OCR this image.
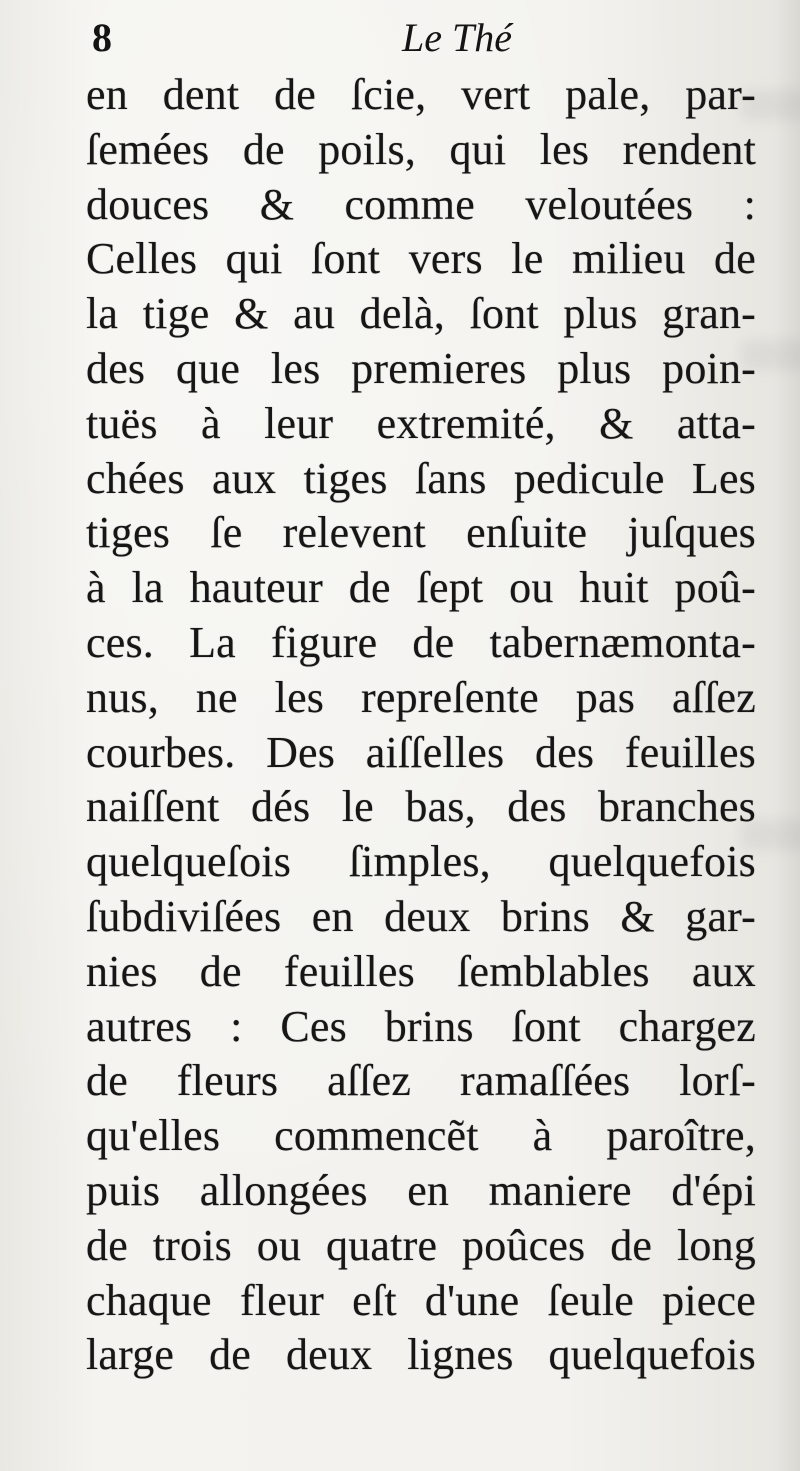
8	Le Thé
en dent de ſcie, vert pale, par-
ſemées de poils, qui les rendent
douces & comme veloutées :
Celles qui ſont vers le milieu de
la tige & au delà, ſont plus gran-
des que les premieres plus poin-
tuës à leur extremité, & atta-
chées aux tiges ſans pedicule Les
tiges ſe relevent enſuite juſques
à la hauteur de ſept ou huit poû-
ces. La figure de tabernæmonta-
nus, ne les repreſente pas aſſez
courbes. Des aiſſelles des feuilles
naiſſent dés le bas, des branches
quelqueſois ſimples, quelquefois
ſubdiviſées en deux brins & gar-
nies de feuilles ſemblables aux
autres : Ces brins ſont chargez
de fleurs aſſez ramaſſées lorſ-
qu'elles commencẽt à paroître,
puis allongées en maniere d'épi
de trois ou quatre poûces de long
chaque fleur eſt d'une ſeule piece
large de deux lignes quelquefois
